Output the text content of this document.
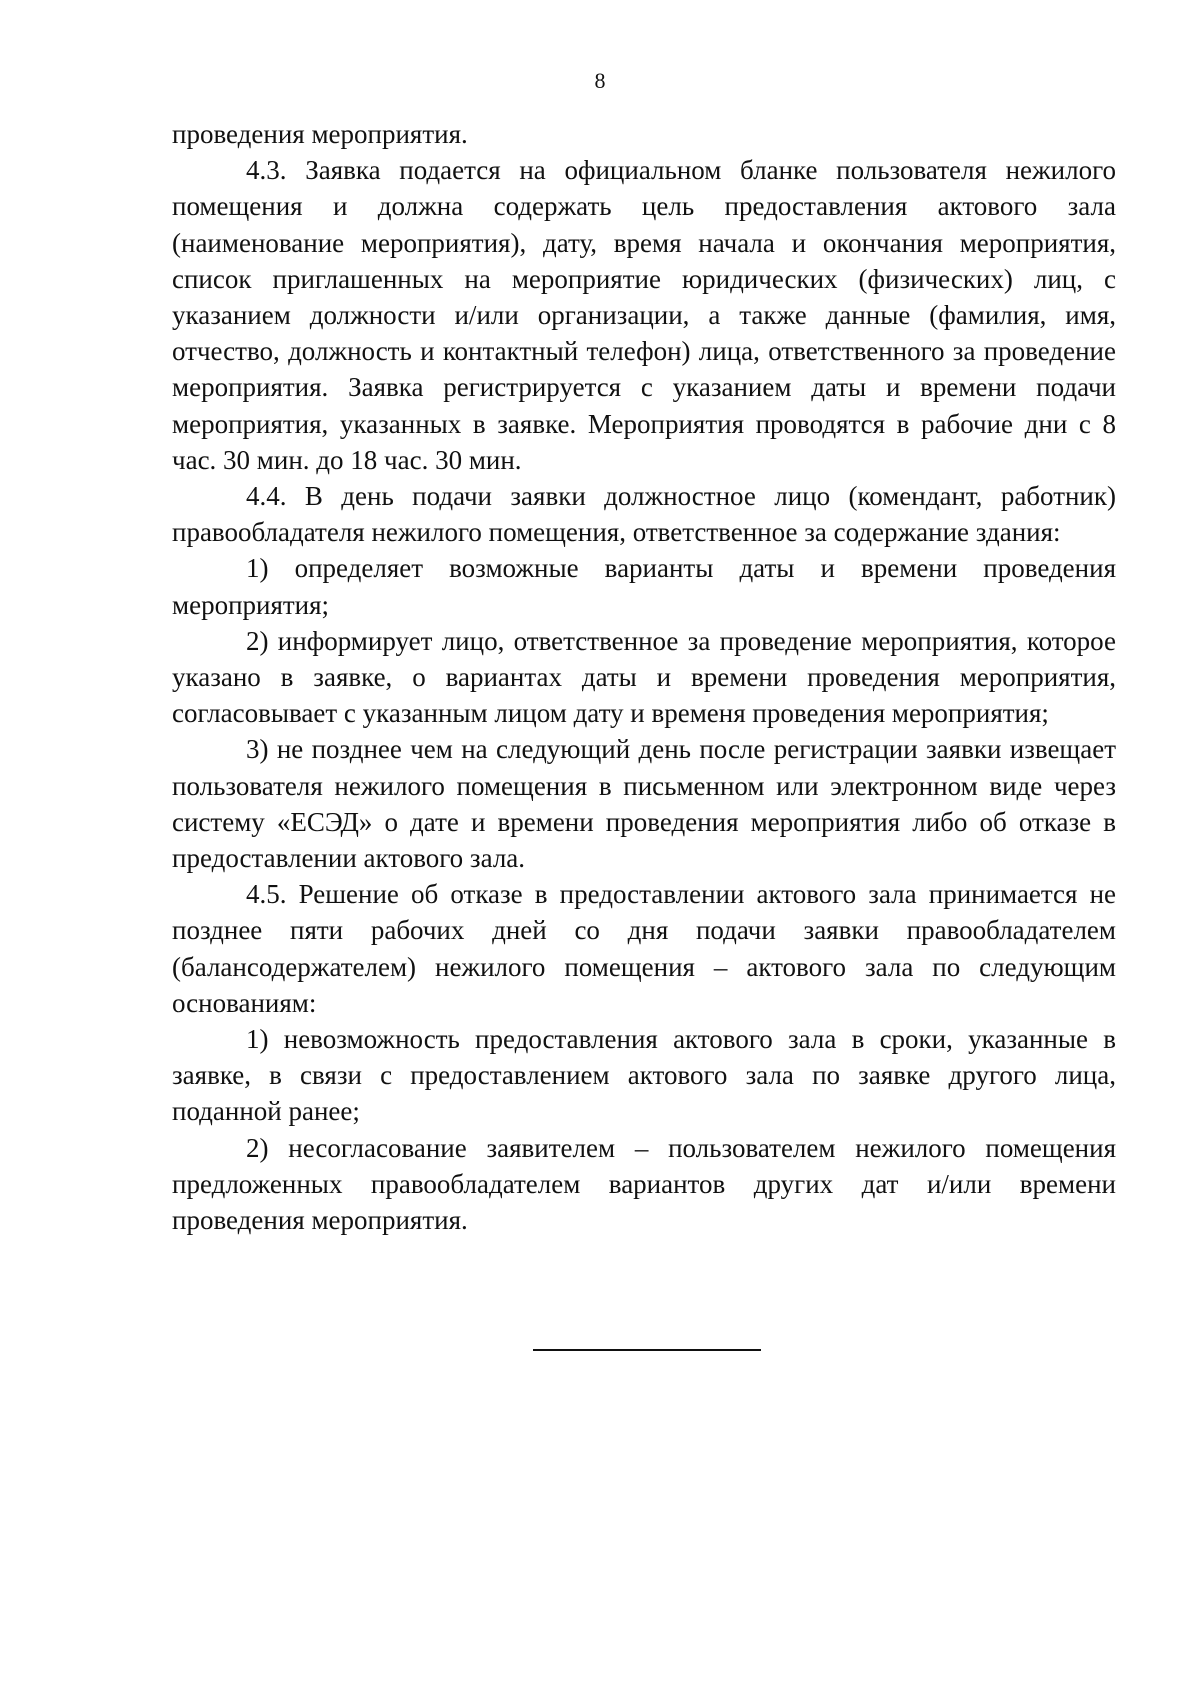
8

проведения мероприятия.

4.3. Заявка подается на официальном бланке пользователя нежилого помещения и должна содержать цель предоставления актового зала (наименование мероприятия), дату, время начала и окончания мероприятия, список приглашенных на мероприятие юридических (физических) лиц, с указанием должности и/или организации, а также данные (фамилия, имя, отчество, должность и контактный телефон) лица, ответственного за проведение мероприятия. Заявка регистрируется с указанием даты и времени подачи мероприятия, указанных в заявке. Мероприятия проводятся в рабочие дни с 8 час. 30 мин. до 18 час. 30 мин.

4.4. В день подачи заявки должностное лицо (комендант, работник) правообладателя нежилого помещения, ответственное за содержание здания:

1) определяет возможные варианты даты и времени проведения мероприятия;

2) информирует лицо, ответственное за проведение мероприятия, которое указано в заявке, о вариантах даты и времени проведения мероприятия, согласовывает с указанным лицом дату и временя проведения мероприятия;

3) не позднее чем на следующий день после регистрации заявки извещает пользователя нежилого помещения в письменном или электронном виде через систему «ЕСЭД» о дате и времени проведения мероприятия либо об отказе в предоставлении актового зала.

4.5. Решение об отказе в предоставлении актового зала принимается не позднее пяти рабочих дней со дня подачи заявки правообладателем (балансодержателем) нежилого помещения – актового зала по следующим основаниям:

1) невозможность предоставления актового зала в сроки, указанные в заявке, в связи с предоставлением актового зала по заявке другого лица, поданной ранее;

2) несогласование заявителем – пользователем нежилого помещения предложенных правообладателем вариантов других дат и/или времени проведения мероприятия.
